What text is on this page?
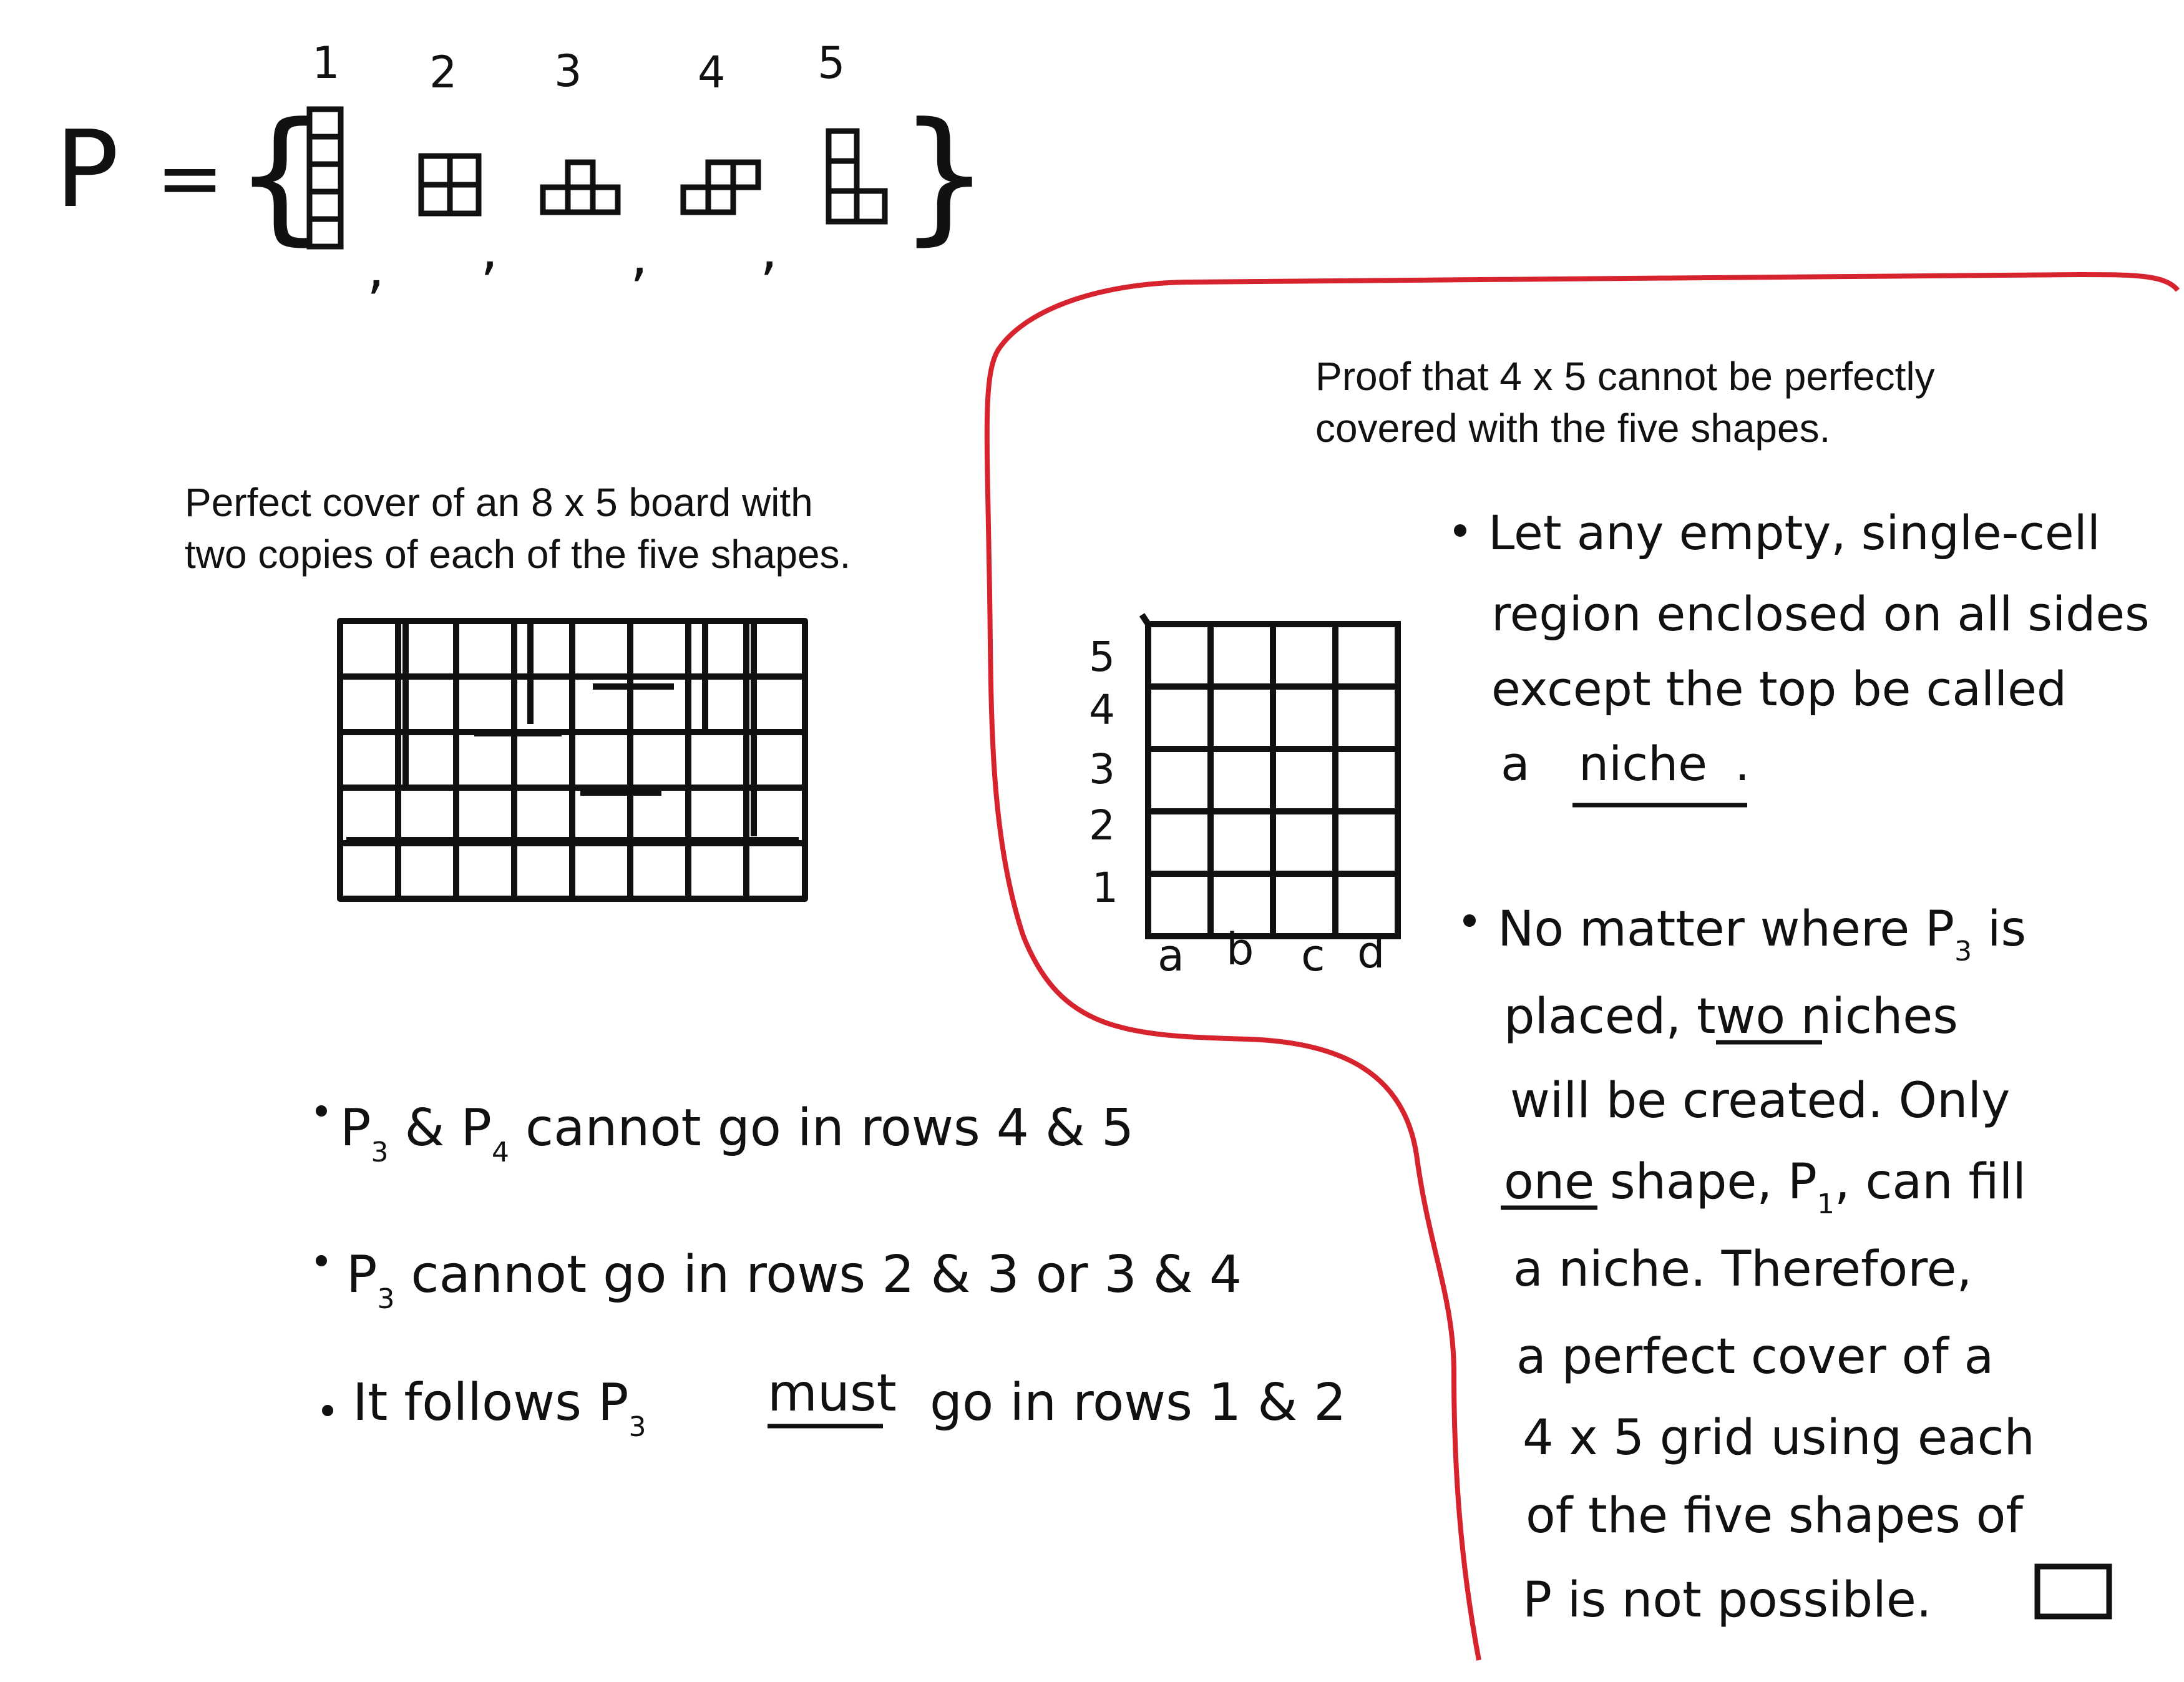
P = {	}
1 2 3	4 5
, , , ,
Perfect cover of an 8 x 5 board with
two copies of each of the five shapes.
Proof that 4 x 5 cannot be perfectly
covered with the five shapes.
5
4
3
2
1
a b c d
Let any empty, single-cell
region enclosed on all sides
except the top be called
a niche .
No matter where $P_3$ is
placed, two niches
will be created. Only
one shape, $P_1$, can fill
a niche. Therefore,
a perfect cover of a
4 x 5 grid using each
of the five shapes of
P is not possible.
$P_3$ & $P_4$ cannot go in rows 4 & 5
$P_3$ cannot go in rows 2 & 3 or 3 & 4
It follows $P_3$
must go in rows 1 & 2
